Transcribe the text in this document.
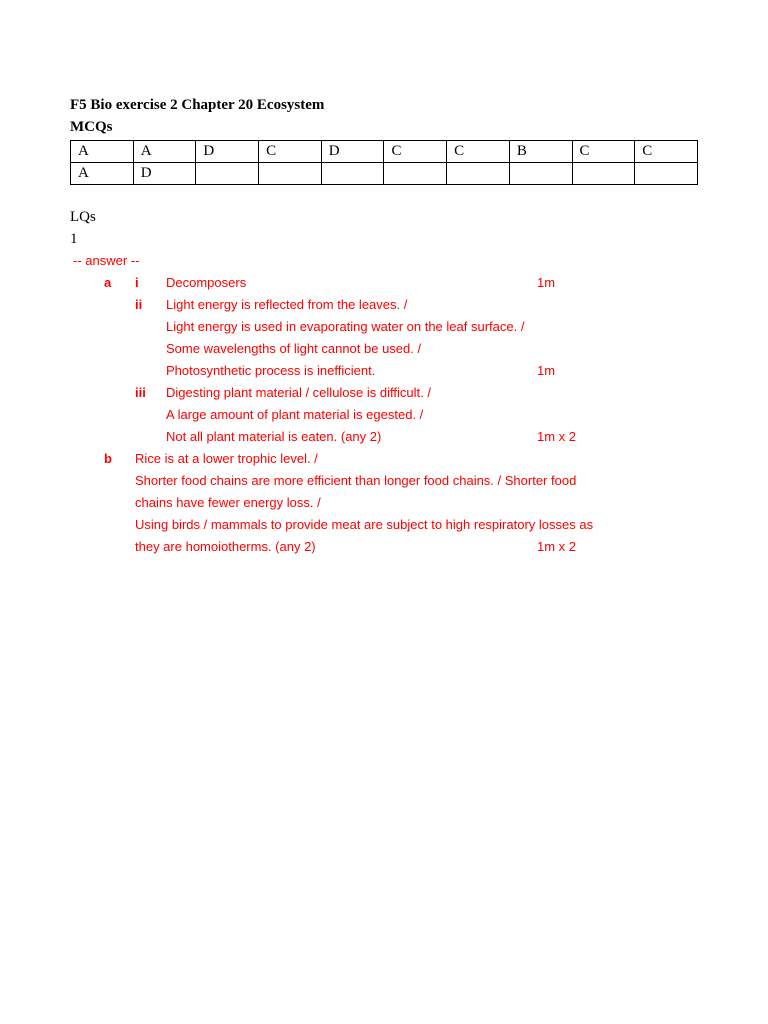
F5 Bio exercise 2 Chapter 20 Ecosystem
MCQs
A	A	D	C	D	C	C	B	C	C
A	D								
LQs
1
-- answer --
a i Decomposers	1m
ii Light energy is reflected from the leaves. /
Light energy is used in evaporating water on the leaf surface. /
Some wavelengths of light cannot be used. /
Photosynthetic process is inefficient.	1m
iii Digesting plant material / cellulose is difficult. /
A large amount of plant material is egested. /
Not all plant material is eaten. (any 2)	1m x 2
b Rice is at a lower trophic level. /
Shorter food chains are more efficient than longer food chains. / Shorter food
chains have fewer energy loss. /
Using birds / mammals to provide meat are subject to high respiratory losses as
they are homoiotherms. (any 2)	1m x 2
